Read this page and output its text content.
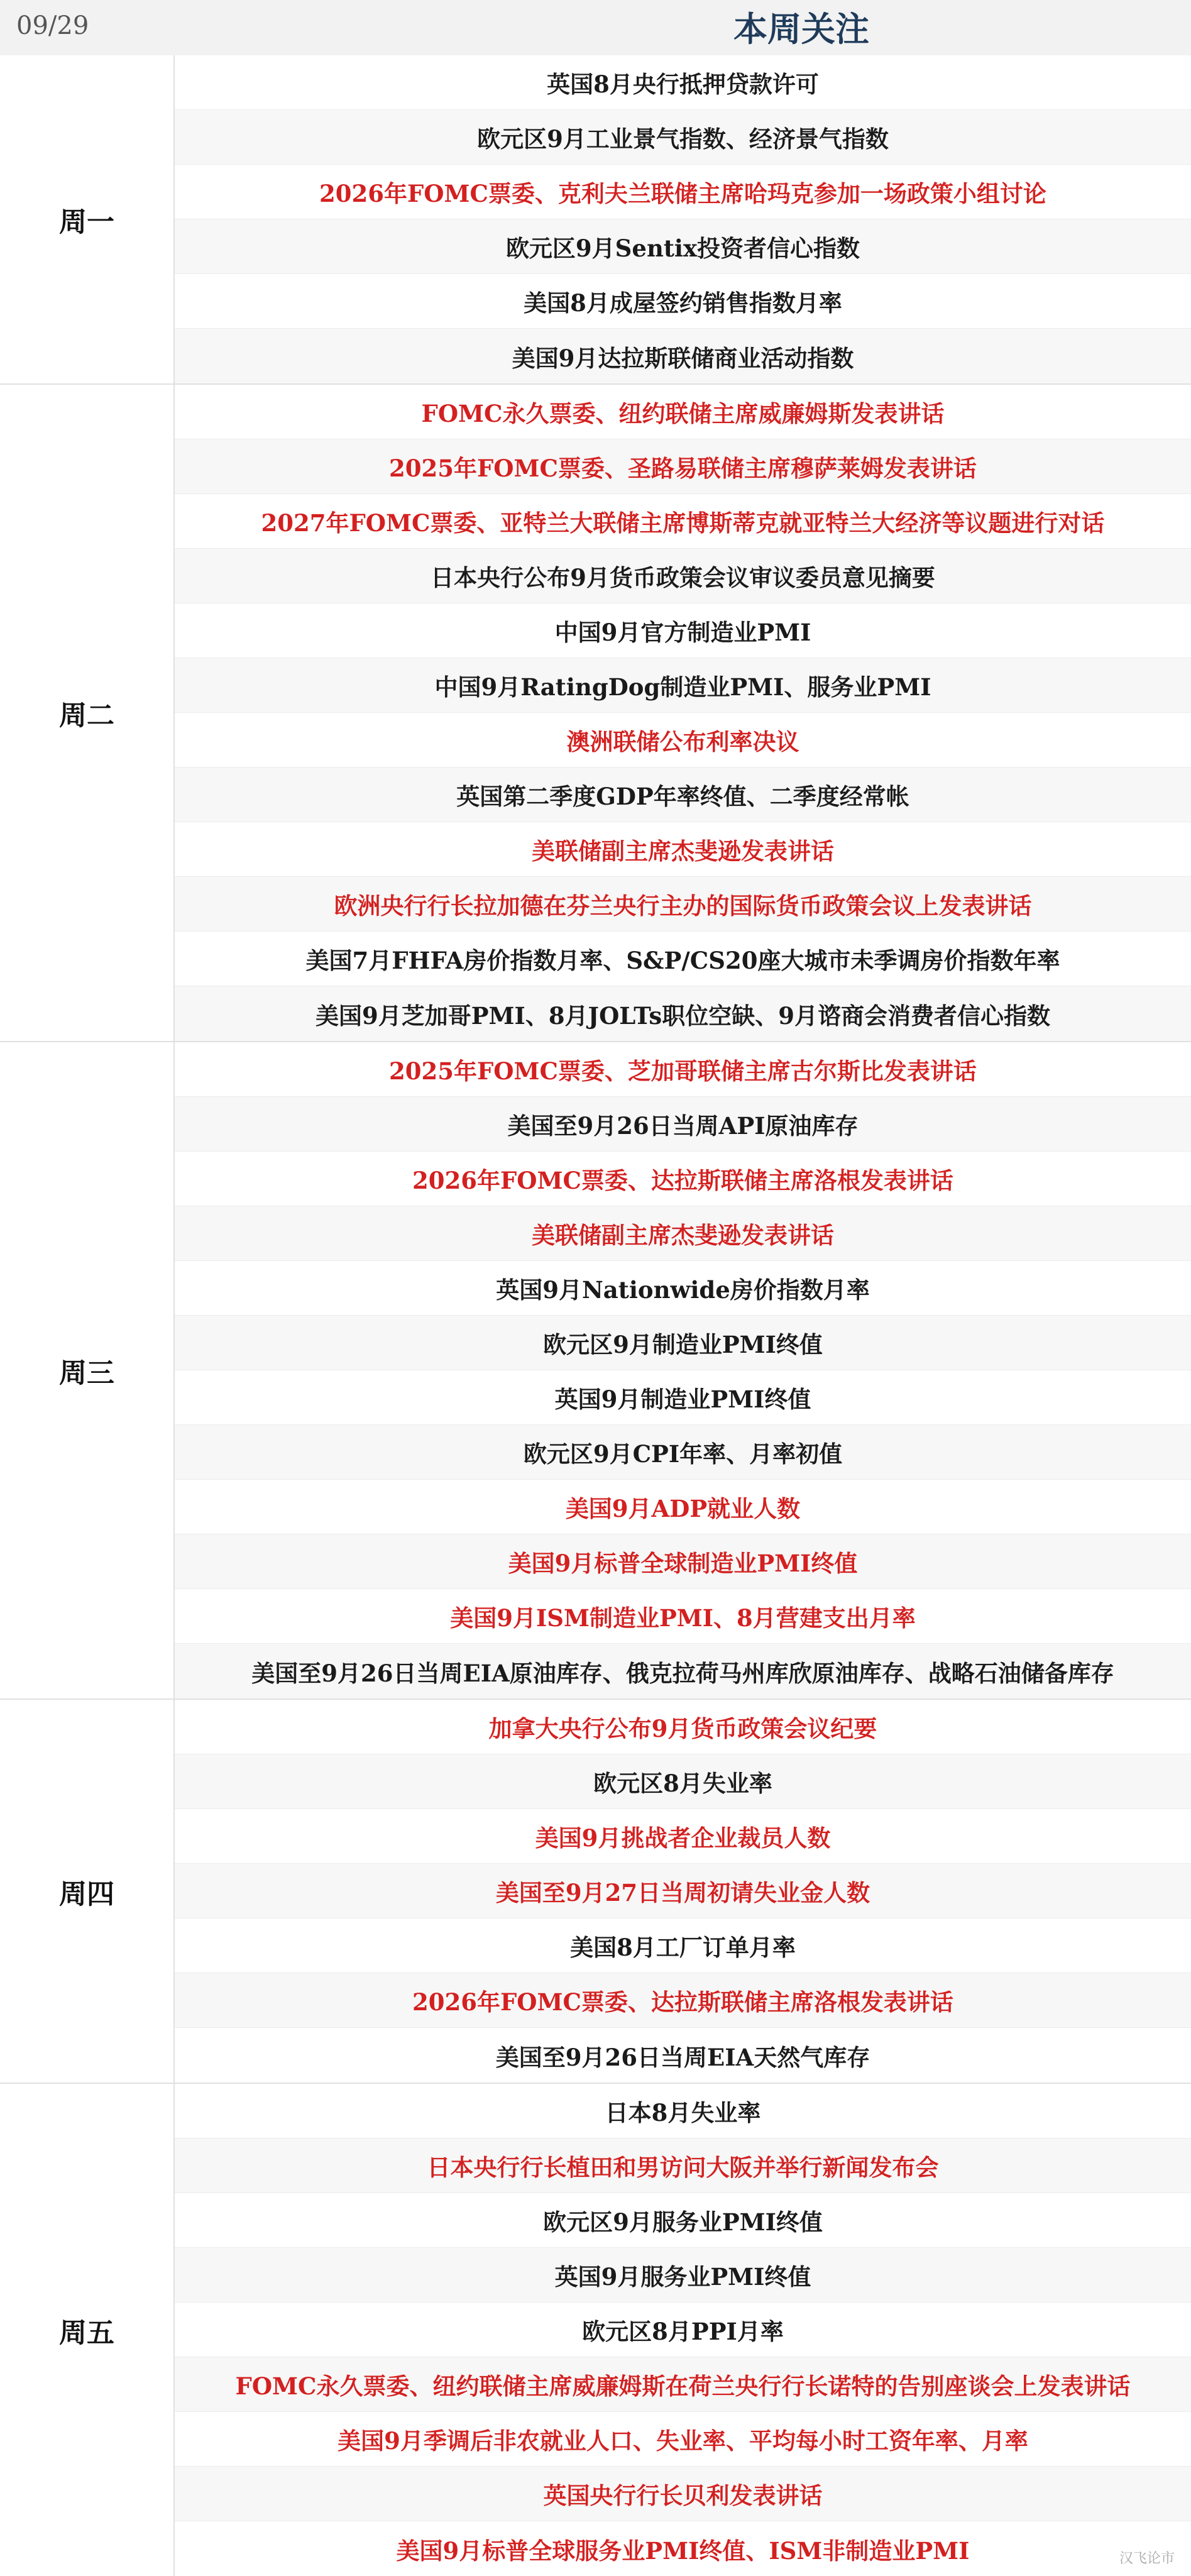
09/29	本周关注
周一
英国8月央行抵押贷款许可
欧元区9月工业景气指数、经济景气指数
2026年FOMC票委、克利夫兰联储主席哈玛克参加一场政策小组讨论
欧元区9月Sentix投资者信心指数
美国8月成屋签约销售指数月率
美国9月达拉斯联储商业活动指数
周二
FOMC永久票委、纽约联储主席威廉姆斯发表讲话
2025年FOMC票委、圣路易联储主席穆萨莱姆发表讲话
2027年FOMC票委、亚特兰大联储主席博斯蒂克就亚特兰大经济等议题进行对话
日本央行公布9月货币政策会议审议委员意见摘要
中国9月官方制造业PMI
中国9月RatingDog制造业PMI、服务业PMI
澳洲联储公布利率决议
英国第二季度GDP年率终值、二季度经常帐
美联储副主席杰斐逊发表讲话
欧洲央行行长拉加德在芬兰央行主办的国际货币政策会议上发表讲话
美国7月FHFA房价指数月率、S&P/CS20座大城市未季调房价指数年率
美国9月芝加哥PMI、8月JOLTs职位空缺、9月谘商会消费者信心指数
周三
2025年FOMC票委、芝加哥联储主席古尔斯比发表讲话
美国至9月26日当周API原油库存
2026年FOMC票委、达拉斯联储主席洛根发表讲话
美联储副主席杰斐逊发表讲话
英国9月Nationwide房价指数月率
欧元区9月制造业PMI终值
英国9月制造业PMI终值
欧元区9月CPI年率、月率初值
美国9月ADP就业人数
美国9月标普全球制造业PMI终值
美国9月ISM制造业PMI、8月营建支出月率
美国至9月26日当周EIA原油库存、俄克拉荷马州库欣原油库存、战略石油储备库存
周四
加拿大央行公布9月货币政策会议纪要
欧元区8月失业率
美国9月挑战者企业裁员人数
美国至9月27日当周初请失业金人数
美国8月工厂订单月率
2026年FOMC票委、达拉斯联储主席洛根发表讲话
美国至9月26日当周EIA天然气库存
周五
日本8月失业率
日本央行行长植田和男访问大阪并举行新闻发布会
欧元区9月服务业PMI终值
英国9月服务业PMI终值
欧元区8月PPI月率
FOMC永久票委、纽约联储主席威廉姆斯在荷兰央行行长诺特的告别座谈会上发表讲话
美国9月季调后非农就业人口、失业率、平均每小时工资年率、月率
英国央行行长贝利发表讲话
美国9月标普全球服务业PMI终值、ISM非制造业PMI	汉飞论市
